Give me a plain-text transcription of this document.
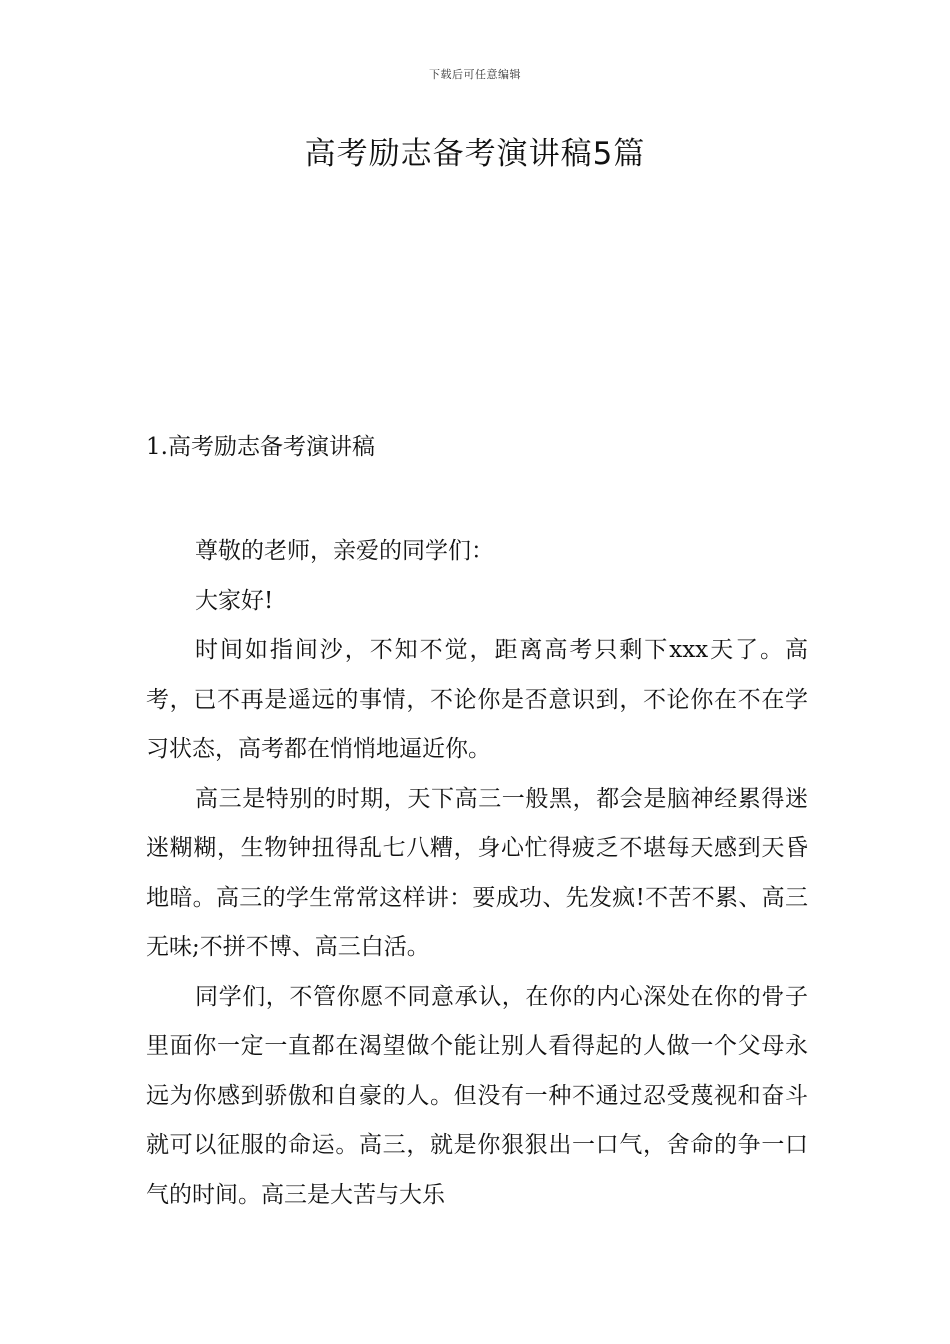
下载后可任意编辑
高考励志备考演讲稿5篇
1.高考励志备考演讲稿

尊敬的老师，亲爱的同学们：

大家好!

时间如指间沙，不知不觉，距离高考只剩下xxx天了。高考，已不再是遥远的事情，不论你是否意识到，不论你在不在学习状态，高考都在悄悄地逼近你。

高三是特别的时期，天下高三一般黑，都会是脑神经累得迷迷糊糊，生物钟扭得乱七八糟，身心忙得疲乏不堪每天感到天昏地暗。高三的学生常常这样讲：要成功、先发疯!不苦不累、高三无味;不拼不博、高三白活。

同学们，不管你愿不同意承认，在你的内心深处在你的骨子里面你一定一直都在渴望做个能让别人看得起的人做一个父母永远为你感到骄傲和自豪的人。但没有一种不通过忍受蔑视和奋斗就可以征服的命运。高三，就是你狠狠出一口气，舍命的争一口气的时间。高三是大苦与大乐
